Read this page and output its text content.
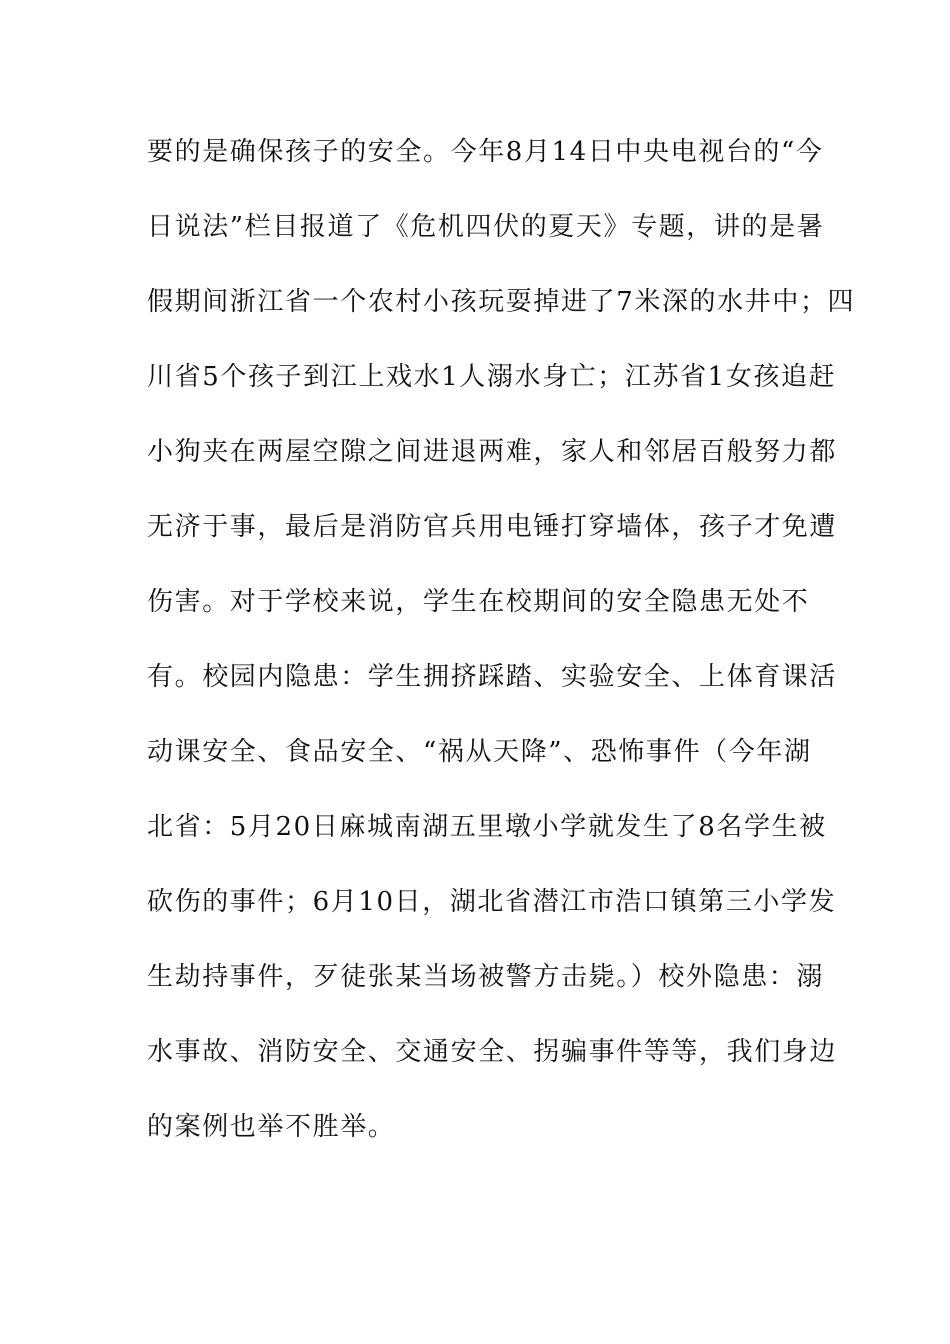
要的是确保孩子的安全。今年8月14日中央电视台的“今
日说法”栏目报道了《危机四伏的夏天》专题，讲的是暑
假期间浙江省一个农村小孩玩耍掉进了7米深的水井中；四
川省5个孩子到江上戏水1人溺水身亡；江苏省1女孩追赶
小狗夹在两屋空隙之间进退两难，家人和邻居百般努力都
无济于事，最后是消防官兵用电锤打穿墙体，孩子才免遭
伤害。对于学校来说，学生在校期间的安全隐患无处不
有。校园内隐患：学生拥挤踩踏、实验安全、上体育课活
动课安全、食品安全、“祸从天降”、恐怖事件（今年湖
北省：5月20日麻城南湖五里墩小学就发生了8名学生被
砍伤的事件；6月10日，湖北省潜江市浩口镇第三小学发
生劫持事件，歹徒张某当场被警方击毙。）校外隐患：溺
水事故、消防安全、交通安全、拐骗事件等等，我们身边
的案例也举不胜举。
